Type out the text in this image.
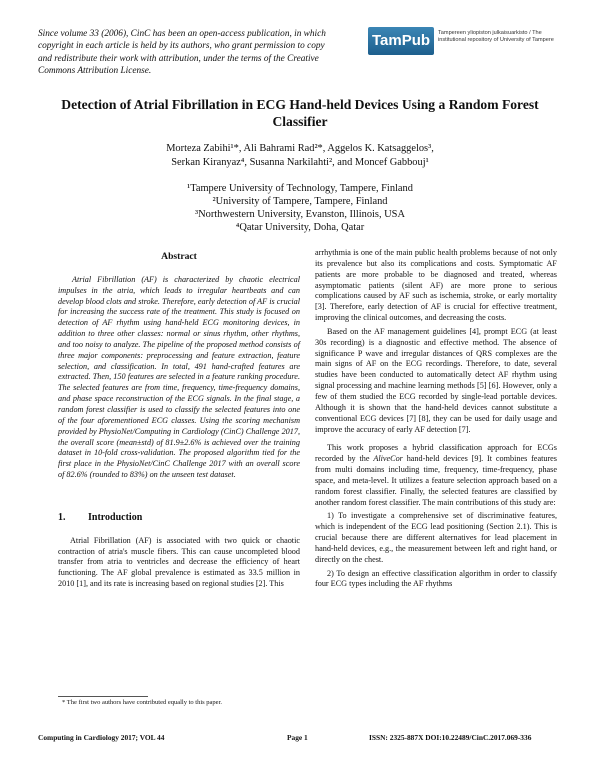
Since volume 33 (2006), CinC has been an open-access publication, in which copyright in each article is held by its authors, who grant permission to copy and redistribute their work with attribution, under the terms of the Creative Commons Attribution License.
TamPub	Tampereen yliopiston julkaisuarkisto / The institutional repository of University of Tampere
Detection of Atrial Fibrillation in ECG Hand-held Devices Using a Random Forest Classifier
Morteza Zabihi¹*, Ali Bahrami Rad²*, Aggelos K. Katsaggelos³,
Serkan Kiranyaz⁴, Susanna Narkilahti², and Moncef Gabbouj¹
¹Tampere University of Technology, Tampere, Finland
²University of Tampere, Tampere, Finland
³Northwestern University, Evanston, Illinois, USA
⁴Qatar University, Doha, Qatar
Abstract

Atrial Fibrillation (AF) is characterized by chaotic electrical impulses in the atria, which leads to irregular heartbeats and can develop blood clots and stroke. Therefore, early detection of AF is crucial for increasing the success rate of the treatment. This study is focused on detection of AF rhythm using hand-held ECG monitoring devices, in addition to three other classes: normal or sinus rhythm, other rhythms, and too noisy to analyze. The pipeline of the proposed method consists of three major components: preprocessing and feature extraction, feature selection, and classification. In total, 491 hand-crafted features are extracted. Then, 150 features are selected in a feature ranking procedure. The selected features are from time, frequency, time-frequency domains, and phase space reconstruction of the ECG signals. In the final stage, a random forest classifier is used to classify the selected features into one of the four aforementioned ECG classes. Using the scoring mechanism provided by PhysioNet/Computing in Cardiology (CinC) Challenge 2017, the overall score (mean±std) of 81.9±2.6% is achieved over the training dataset in 10-fold cross-validation. The proposed algorithm tied for the first place in the PhysioNet/CinC Challenge 2017 with an overall score of 82.6% (rounded to 83%) on the unseen test dataset.

1. Introduction

Atrial Fibrillation (AF) is associated with two quick or chaotic contraction of atria's muscle fibers. This can cause uncompleted blood transfer from atria to ventricles and decrease the efficiency of heart functioning. The AF global prevalence is estimated as 33.5 million in 2010 [1], and its rate is increasing based on regional studies [2]. This

arrhythmia is one of the main public health problems because of not only its prevalence but also its complications and costs. Symptomatic AF patients are more probable to be diagnosed and treated, whereas asymptomatic patients (silent AF) are more prone to serious complications caused by AF such as ischemia, stroke, or early mortality [3]. Therefore, early detection of AF is crucial for effective treatment, improving the clinical outcomes, and decreasing the costs.

Based on the AF management guidelines [4], prompt ECG (at least 30s recording) is a diagnostic and effective method. The absence of significance P wave and irregular distances of QRS complexes are the main signs of AF on the ECG recordings. Therefore, to date, several studies have been conducted to automatically detect AF rhythm using signal processing and machine learning methods [5] [6]. However, only a few of them studied the ECG recorded by single-lead portable devices. Although it is shown that the hand-held devices cannot substitute a conventional ECG devices [7] [8], they can be used for daily usage and improve the accuracy of early AF detection [7].

This work proposes a hybrid classification approach for ECGs recorded by the AliveCor hand-held devices [9]. It combines features from multi domains including time, frequency, time-frequency, phase space, and meta-level. It utilizes a feature selection approach based on a random forest classifier. Finally, the selected features are classified by another random forest classifier. The main contributions of this study are:

1) To investigate a comprehensive set of discriminative features, which is independent of the ECG lead positioning (Section 2.1). This is crucial because there are different alternatives for lead placement in hand-held devices, e.g., the measurement between left and right hand, or directly on the chest.

2) To design an effective classification algorithm in order to classify four ECG types including the AF rhythms

* The first two authors have contributed equally to this paper.
Computing in Cardiology 2017; VOL 44	Page 1	ISSN: 2325-887X DOI:10.22489/CinC.2017.069-336
